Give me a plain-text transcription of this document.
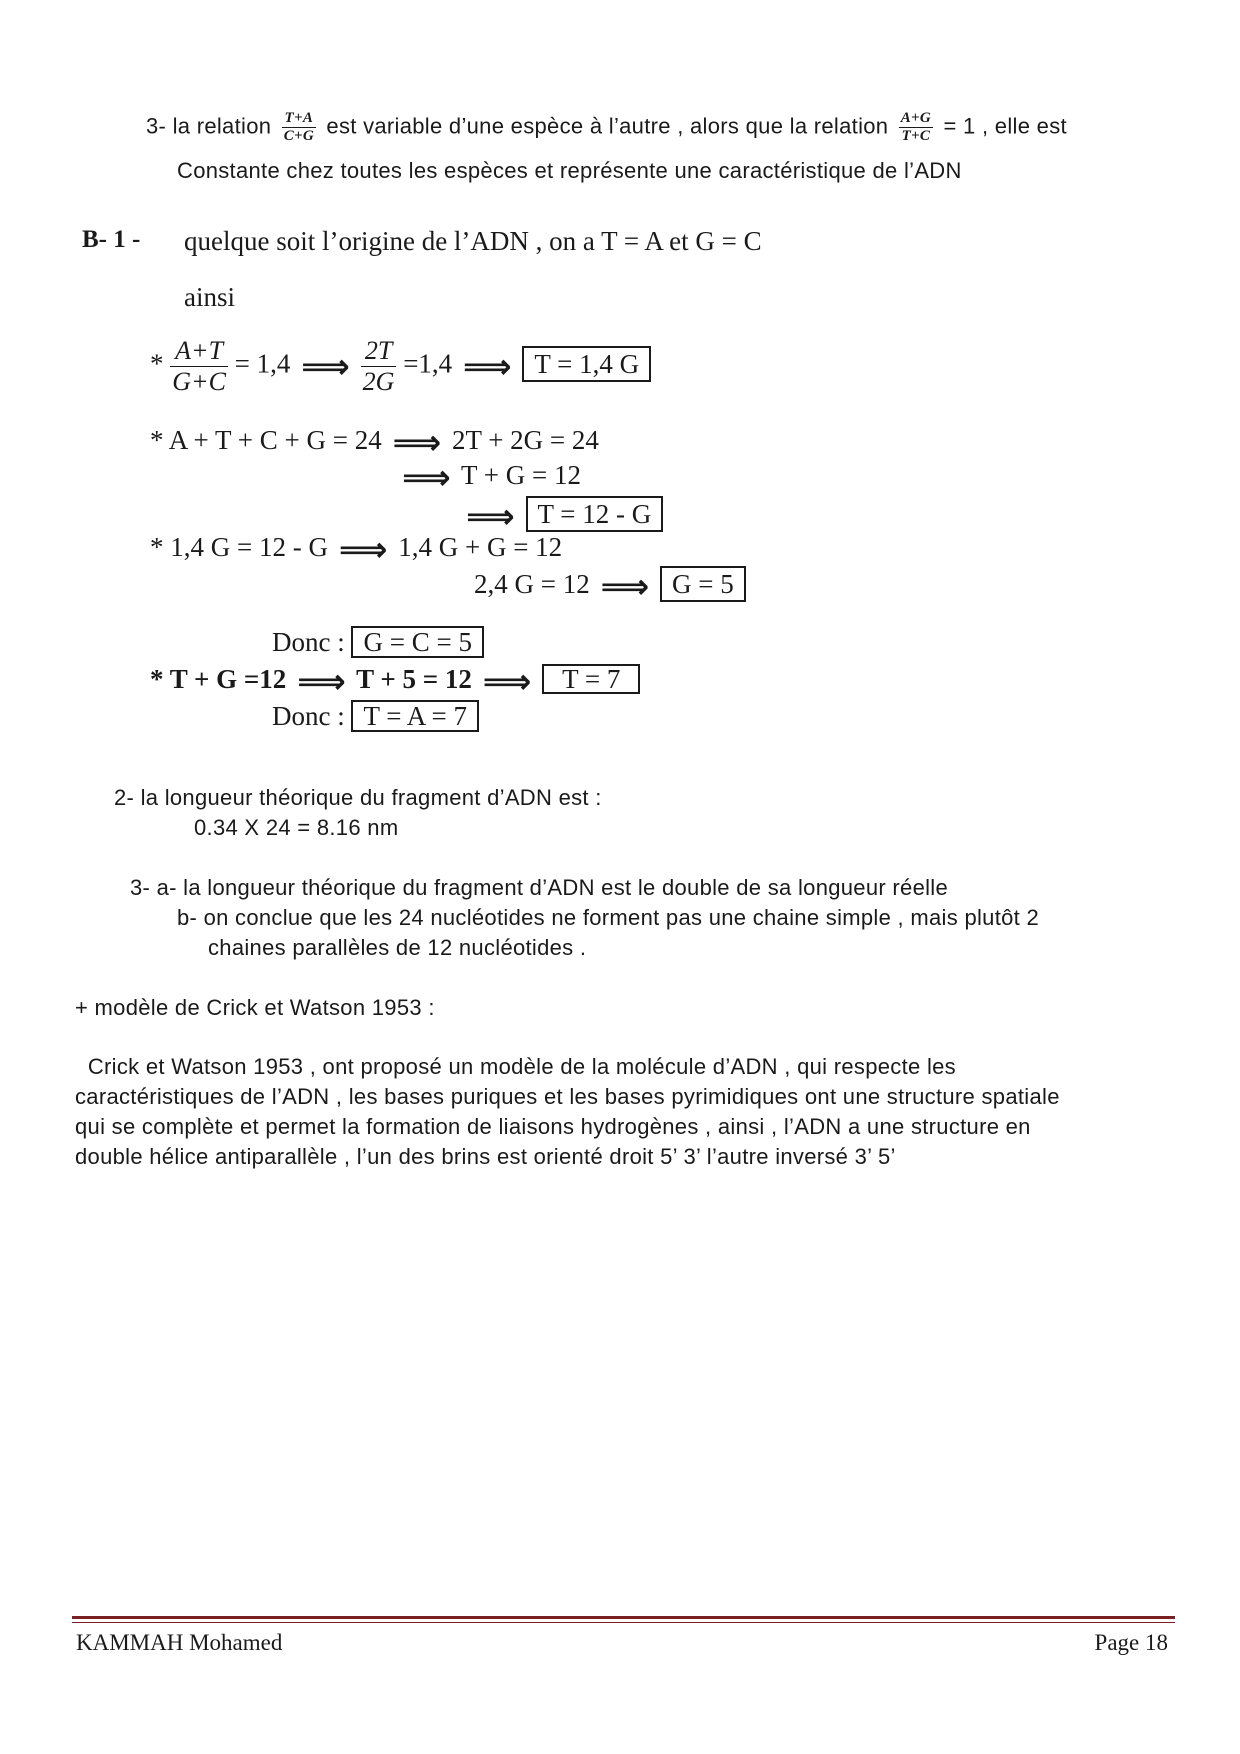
3- la relation $\frac{T+A}{C+G}$ est variable d’une espèce à l’autre , alors que la relation $\frac{A+G}{T+C} = 1$ , elle est
Constante chez toutes les espèces et représente une caractéristique de l’ADN
B- 1 - quelque soit l’origine de l’ADN , on a T = A et G = C
ainsi
* $\frac{A+T}{G+C} = 1,4$ ⟹ $\frac{2T}{2G} =1,4$ ⟹ T = 1,4 G
* A + T + C + G = 24 ⟹ 2T + 2G = 24
⟹ T + G = 12
⟹ T = 12 - G
* 1,4 G = 12 - G ⟹ 1,4 G + G = 12
2,4 G = 12 ⟹ G = 5
Donc : G = C = 5
* T + G =12 ⟹ T + 5 = 12 ⟹ T = 7
Donc : T = A = 7
2- la longueur théorique du fragment d’ADN est :
0.34 X 24 = 8.16 nm
3- a- la longueur théorique du fragment d’ADN est le double de sa longueur réelle
b- on conclue que les 24 nucléotides ne forment pas une chaine simple , mais plutôt 2
chaines parallèles de 12 nucléotides .
+ modèle de Crick et Watson 1953 :
Crick et Watson 1953 , ont proposé un modèle de la molécule d’ADN , qui respecte les
caractéristiques de l’ADN , les bases puriques et les bases pyrimidiques ont une structure spatiale
qui se complète et permet la formation de liaisons hydrogènes , ainsi , l’ADN a une structure en
double hélice antiparallèle , l’un des brins est orienté droit 5’ 3’ l’autre inversé 3’ 5’
KAMMAH Mohamed	Page 18
